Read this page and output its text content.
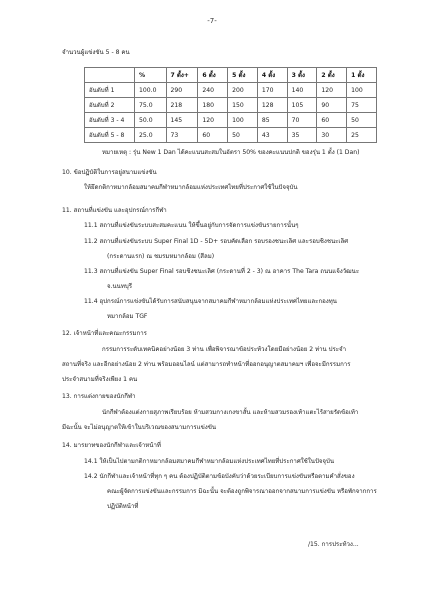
-7-
จำนวนผู้แข่งขัน 5 - 8 คน
	%	7 ตั้ง+	6 ตั้ง	5 ตั้ง	4 ตั้ง	3 ตั้ง	2 ตั้ง	1 ตั้ง
อันดับที่ 1	100.0	290	240	200	170	140	120	100
อันดับที่ 2	75.0	218	180	150	128	105	90	75
อันดับที่ 3 - 4	50.0	145	120	100	85	70	60	50
อันดับที่ 5 - 8	25.0	73	60	50	43	35	30	25
หมายเหตุ : รุ่น New 1 Dan ได้คะแนนสะสมในอัตรา 50% ของคะแนนปกติ ของรุ่น 1 ตั้ง (1 Dan)
10. ข้อปฏิบัติในการอยู่สนามแข่งขัน
ให้ยึดกติกาหมากล้อมสมาคมกีฬาหมากล้อมแห่งประเทศไทยที่ประกาศใช้ในปัจจุบัน
11. สถานที่แข่งขัน และอุปกรณ์การกีฬา
11.1 สถานที่แข่งขันระบบสะสมคะแนน ให้ขึ้นอยู่กับการจัดการแข่งขันรายการนั้นๆ
11.2 สถานที่แข่งขันระบบ Super Final 1D - 5D+ รอบคัดเลือก รอบรองชนะเลิศ และรอบชิงชนะเลิศ
(กระดานแรก) ณ ชมรมหมากล้อม (สีลม)
11.3 สถานที่แข่งขัน Super Final รอบชิงชนะเลิศ (กระดานที่ 2 - 3) ณ อาคาร The Tara ถนนแจ้งวัฒนะ
จ.นนทบุรี
11.4 อุปกรณ์การแข่งขันได้รับการสนับสนุนจากสมาคมกีฬาหมากล้อมแห่งประเทศไทยและกองทุน
หมากล้อม TGF
12. เจ้าหน้าที่และคณะกรรมการ
กรรมการระดับเทคนิคอย่างน้อย 3 ท่าน เพื่อพิจารณาข้อประท้วงโดยมีอย่างน้อย 2 ท่าน ประจำ
สถานที่จริง และอีกอย่างน้อย 2 ท่าน พร้อมออนไลน์ แต่สามารถทำหน้าที่ออกอนุญาตสมาคมฯ เพื่อจะมีกรรมการ
ประจำสนามที่จริงเพียง 1 คน
13. การแต่งกายของนักกีฬา
นักกีฬาต้องแต่งกายสุภาพเรียบร้อย ห้ามสวมกางเกงขาสั้น และห้ามสวมรองเท้าแตะไร้สายรัดข้อเท้า
มีฉะนั้น จะไม่อนุญาตให้เข้าในบริเวณของสนามการแข่งขัน
14. มารยาทของนักกีฬาและเจ้าหน้าที่
14.1 ให้เป็นไปตามกติกาหมากล้อมสมาคมกีฬาหมากล้อมแห่งประเทศไทยที่ประกาศใช้ในปัจจุบัน
14.2 นักกีฬาและเจ้าหน้าที่ทุก ๆ คน ต้องปฏิบัติตามข้อบังคับว่าด้วยระเบียบการแข่งขันหรือตามคำสั่งของ
คณะผู้จัดการแข่งขันและกรรมการ มิฉะนั้น จะต้องถูกพิจารณาออกจากสนามการแข่งขัน หรือพักจากการ
ปฏิบัติหน้าที่
/15. การประท้วง...
